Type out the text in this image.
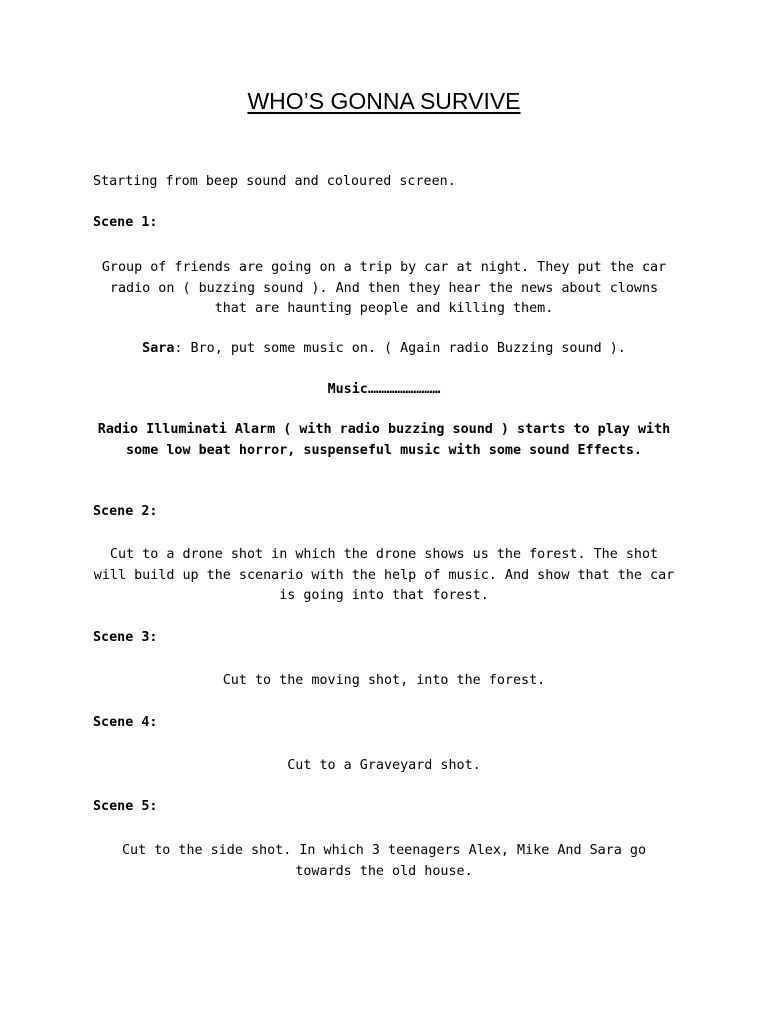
WHO’S GONNA SURVIVE

Starting from beep sound and coloured screen.

Scene 1:

Group of friends are going on a trip by car at night. They put the car radio on ( buzzing sound ). And then they hear the news about clowns that are haunting people and killing them.

Sara: Bro, put some music on. ( Again radio Buzzing sound ).

Music………………………

Radio Illuminati Alarm ( with radio buzzing sound ) starts to play with some low beat horror, suspenseful music with some sound Effects.

Scene 2:

Cut to a drone shot in which the drone shows us the forest. The shot will build up the scenario with the help of music. And show that the car is going into that forest.

Scene 3:

Cut to the moving shot, into the forest.

Scene 4:

Cut to a Graveyard shot.

Scene 5:

Cut to the side shot. In which 3 teenagers Alex, Mike And Sara go towards the old house.
